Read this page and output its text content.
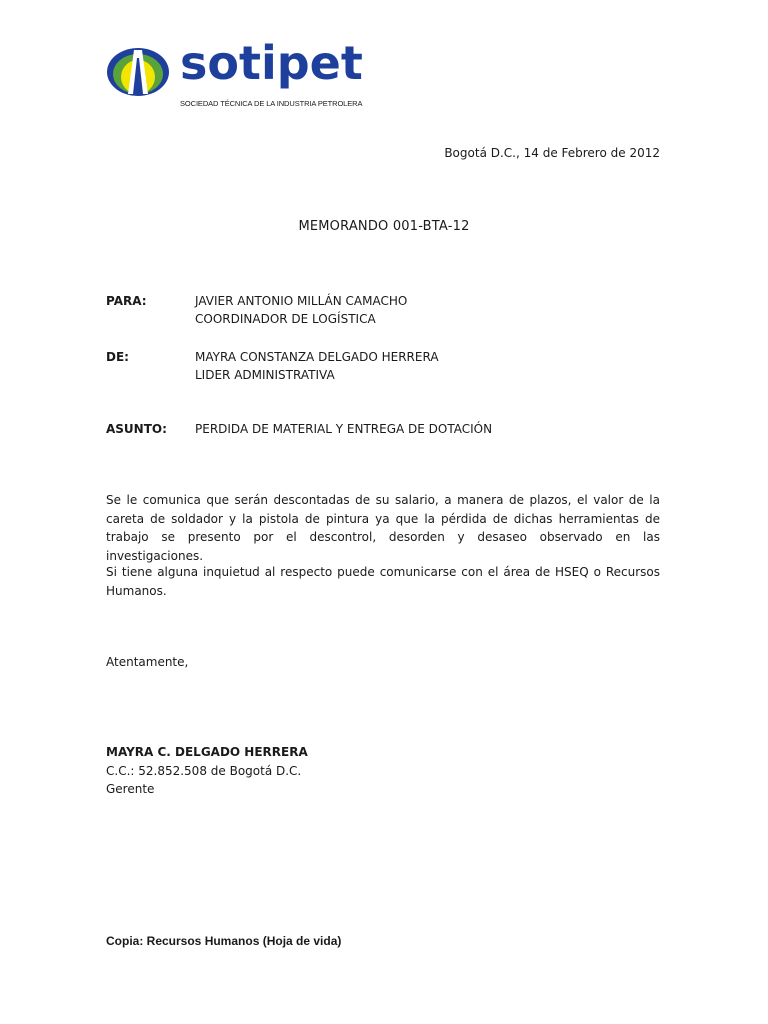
sotipet
SOCIEDAD TÉCNICA DE LA INDUSTRIA PETROLERA
Bogotá D.C., 14 de Febrero de 2012
MEMORANDO 001-BTA-12
PARA:	JAVIER ANTONIO MILLÁN CAMACHO
COORDINADOR DE LOGÍSTICA
DE:	MAYRA CONSTANZA DELGADO HERRERA
LIDER ADMINISTRATIVA
ASUNTO: PERDIDA DE MATERIAL Y ENTREGA DE DOTACIÓN

Se le comunica que serán descontadas de su salario, a manera de plazos, el valor de la careta de soldador y la pistola de pintura ya que la pérdida de dichas herramientas de trabajo se presento por el descontrol, desorden y desaseo observado en las investigaciones.

Si tiene alguna inquietud al respecto puede comunicarse con el área de HSEQ o Recursos Humanos.

Atentamente,
MAYRA C. DELGADO HERRERA
C.C.: 52.852.508 de Bogotá D.C.
Gerente
Copia: Recursos Humanos (Hoja de vida)
